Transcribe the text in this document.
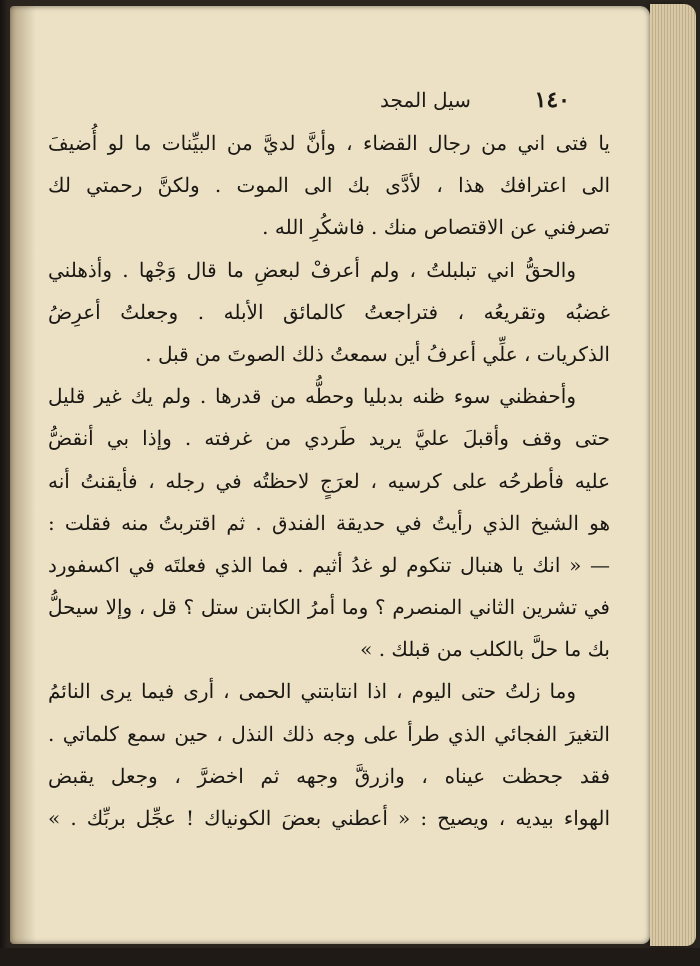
١٤٠
سيل المجد
يا فتى اني من رجال القضاء ، وأنَّ لديَّ من البيِّنات ما لو أُضيفَ
الى اعترافك هذا ، لأدَّى بك الى الموت . ولكنَّ رحمتي لك
تصرفني عن الاقتصاص منك . فاشكُرِ الله .
والحقُّ اني تبلبلتُ ، ولم أعرفْ لبعضِ ما قال وَجْها . وأذهلني
غضبُه وتقريعُه ، فتراجعتُ كالمائق الأبله . وجعلتُ أعرِضُ
الذكريات ، علِّي أعرفُ أين سمعتُ ذلك الصوتَ من قبل .
وأحفظني سوء ظنه بدبليا وحطُّه من قدرها . ولم يك غير قليل
حتى وقف وأقبلَ عليَّ يريد طَردي من غرفته . وإذا بي أنقضُّ
عليه فأطرحُه على كرسيه ، لعرَجٍ لاحظتُه في رجله ، فأيقنتُ أنه
هو الشيخ الذي رأيتُ في حديقة الفندق . ثم اقتربتُ منه فقلت :
— « انك يا هنبال تنكوم لو غدُ أثيم . فما الذي فعلتَه في اكسفورد
في تشرين الثاني المنصرم ؟ وما أمرُ الكابتن ستل ؟ قل ، وإلا سيحلُّ
بك ما حلَّ بالكلب من قبلك . »
وما زلتُ حتى اليوم ، اذا انتابتني الحمى ، أرى فيما يرى النائمُ
التغيرَ الفجائي الذي طرأ على وجه ذلك النذل ، حين سمع كلماتي .
فقد جحظت عيناه ، وازرقَّ وجهه ثم اخضرَّ ، وجعل يقبض
الهواء بيديه ، ويصيح : « أعطني بعضَ الكونياك ! عجِّل بربِّك . »
